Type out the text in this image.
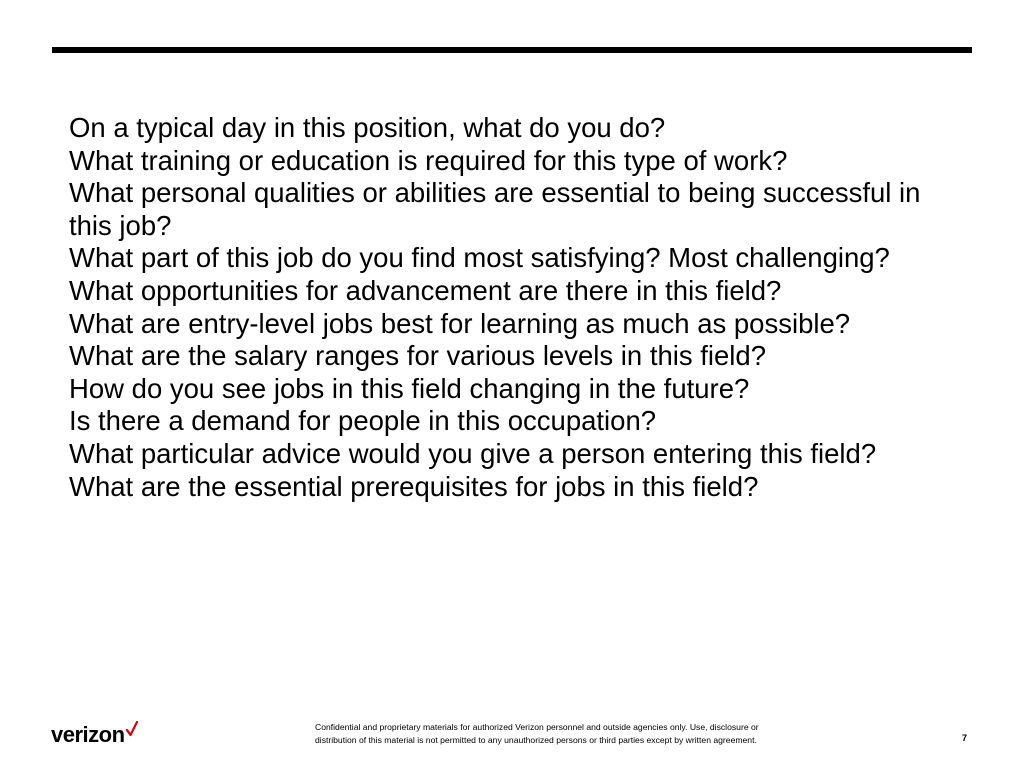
On a typical day in this position, what do you do?
What training or education is required for this type of work?
What personal qualities or abilities are essential to being successful in this job?
What part of this job do you find most satisfying? Most challenging?
What opportunities for advancement are there in this field?
What are entry-level jobs best for learning as much as possible?
What are the salary ranges for various levels in this field?
How do you see jobs in this field changing in the future?
Is there a demand for people in this occupation?
What particular advice would you give a person entering this field?
What are the essential prerequisites for jobs in this field?
verizon	Confidential and proprietary materials for authorized Verizon personnel and outside agencies only. Use, disclosure or
distribution of this material is not permitted to any unauthorized persons or third parties except by written agreement.	7
